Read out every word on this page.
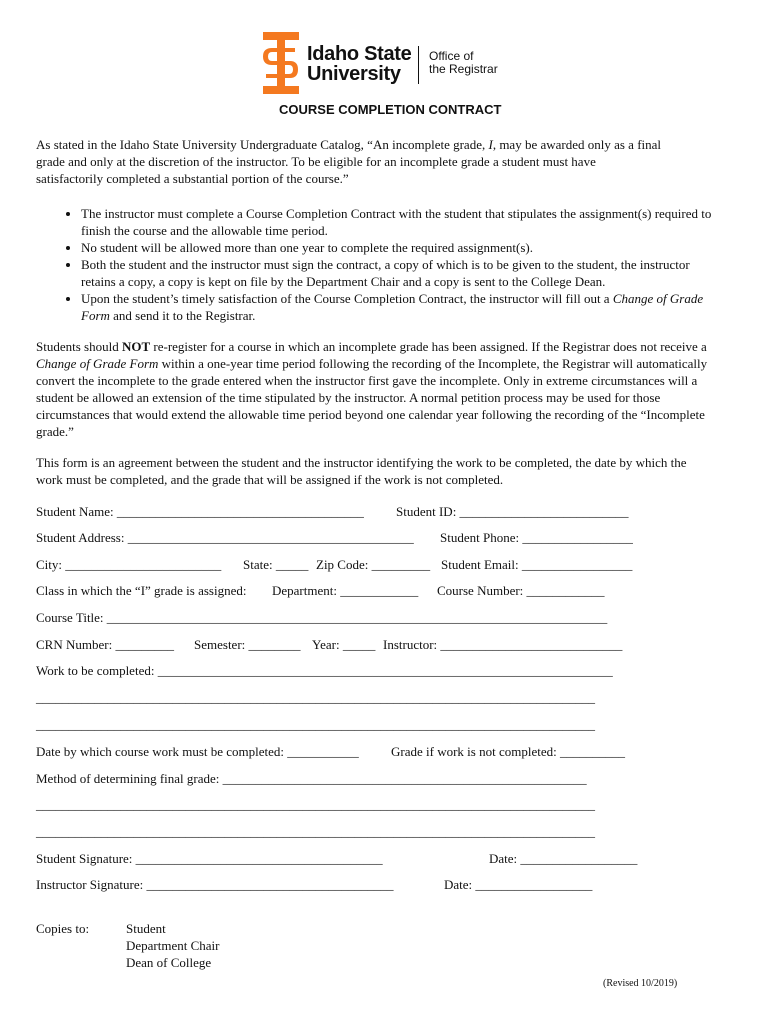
Idaho State
University
Office of
the Registrar
COURSE COMPLETION CONTRACT
As stated in the Idaho State University Undergraduate Catalog, “An incomplete grade, I, may be awarded only as a final grade and only at the discretion of the instructor. To be eligible for an incomplete grade a student must have satisfactorily completed a substantial portion of the course.”
• The instructor must complete a Course Completion Contract with the student that stipulates the assignment(s) required to finish the course and the allowable time period.
• No student will be allowed more than one year to complete the required assignment(s).
• Both the student and the instructor must sign the contract, a copy of which is to be given to the student, the instructor retains a copy, a copy is kept on file by the Department Chair and a copy is sent to the College Dean.
• Upon the student’s timely satisfaction of the Course Completion Contract, the instructor will fill out a Change of Grade Form and send it to the Registrar.
Students should NOT re-register for a course in which an incomplete grade has been assigned. If the Registrar does not receive a Change of Grade Form within a one-year time period following the recording of the Incomplete, the Registrar will automatically convert the incomplete to the grade entered when the instructor first gave the incomplete. Only in extreme circumstances will a student be allowed an extension of the time stipulated by the instructor. A normal petition process may be used for those circumstances that would extend the allowable time period beyond one calendar year following the recording of the “Incomplete grade.”
This form is an agreement between the student and the instructor identifying the work to be completed, the date by which the work must be completed, and the grade that will be assigned if the work is not completed.
Student Name: ______________________________________ Student ID: __________________________
Student Address: ____________________________________________ Student Phone: _________________
City: ________________________ State: _____ Zip Code: _________ Student Email: _________________
Class in which the “I” grade is assigned: Department: ____________ Course Number: ____________
Course Title: _____________________________________________________________________________
CRN Number: _________ Semester: ________ Year: _____ Instructor: ____________________________
Work to be completed: ______________________________________________________________________
______________________________________________________________________________________
______________________________________________________________________________________
Date by which course work must be completed: ___________ Grade if work is not completed: __________
Method of determining final grade: ________________________________________________________
______________________________________________________________________________________
______________________________________________________________________________________
Student Signature: ______________________________________	Date: __________________
Instructor Signature: ______________________________________	Date: __________________
Copies to:	Student
Department Chair
Dean of College
(Revised 10/2019)
